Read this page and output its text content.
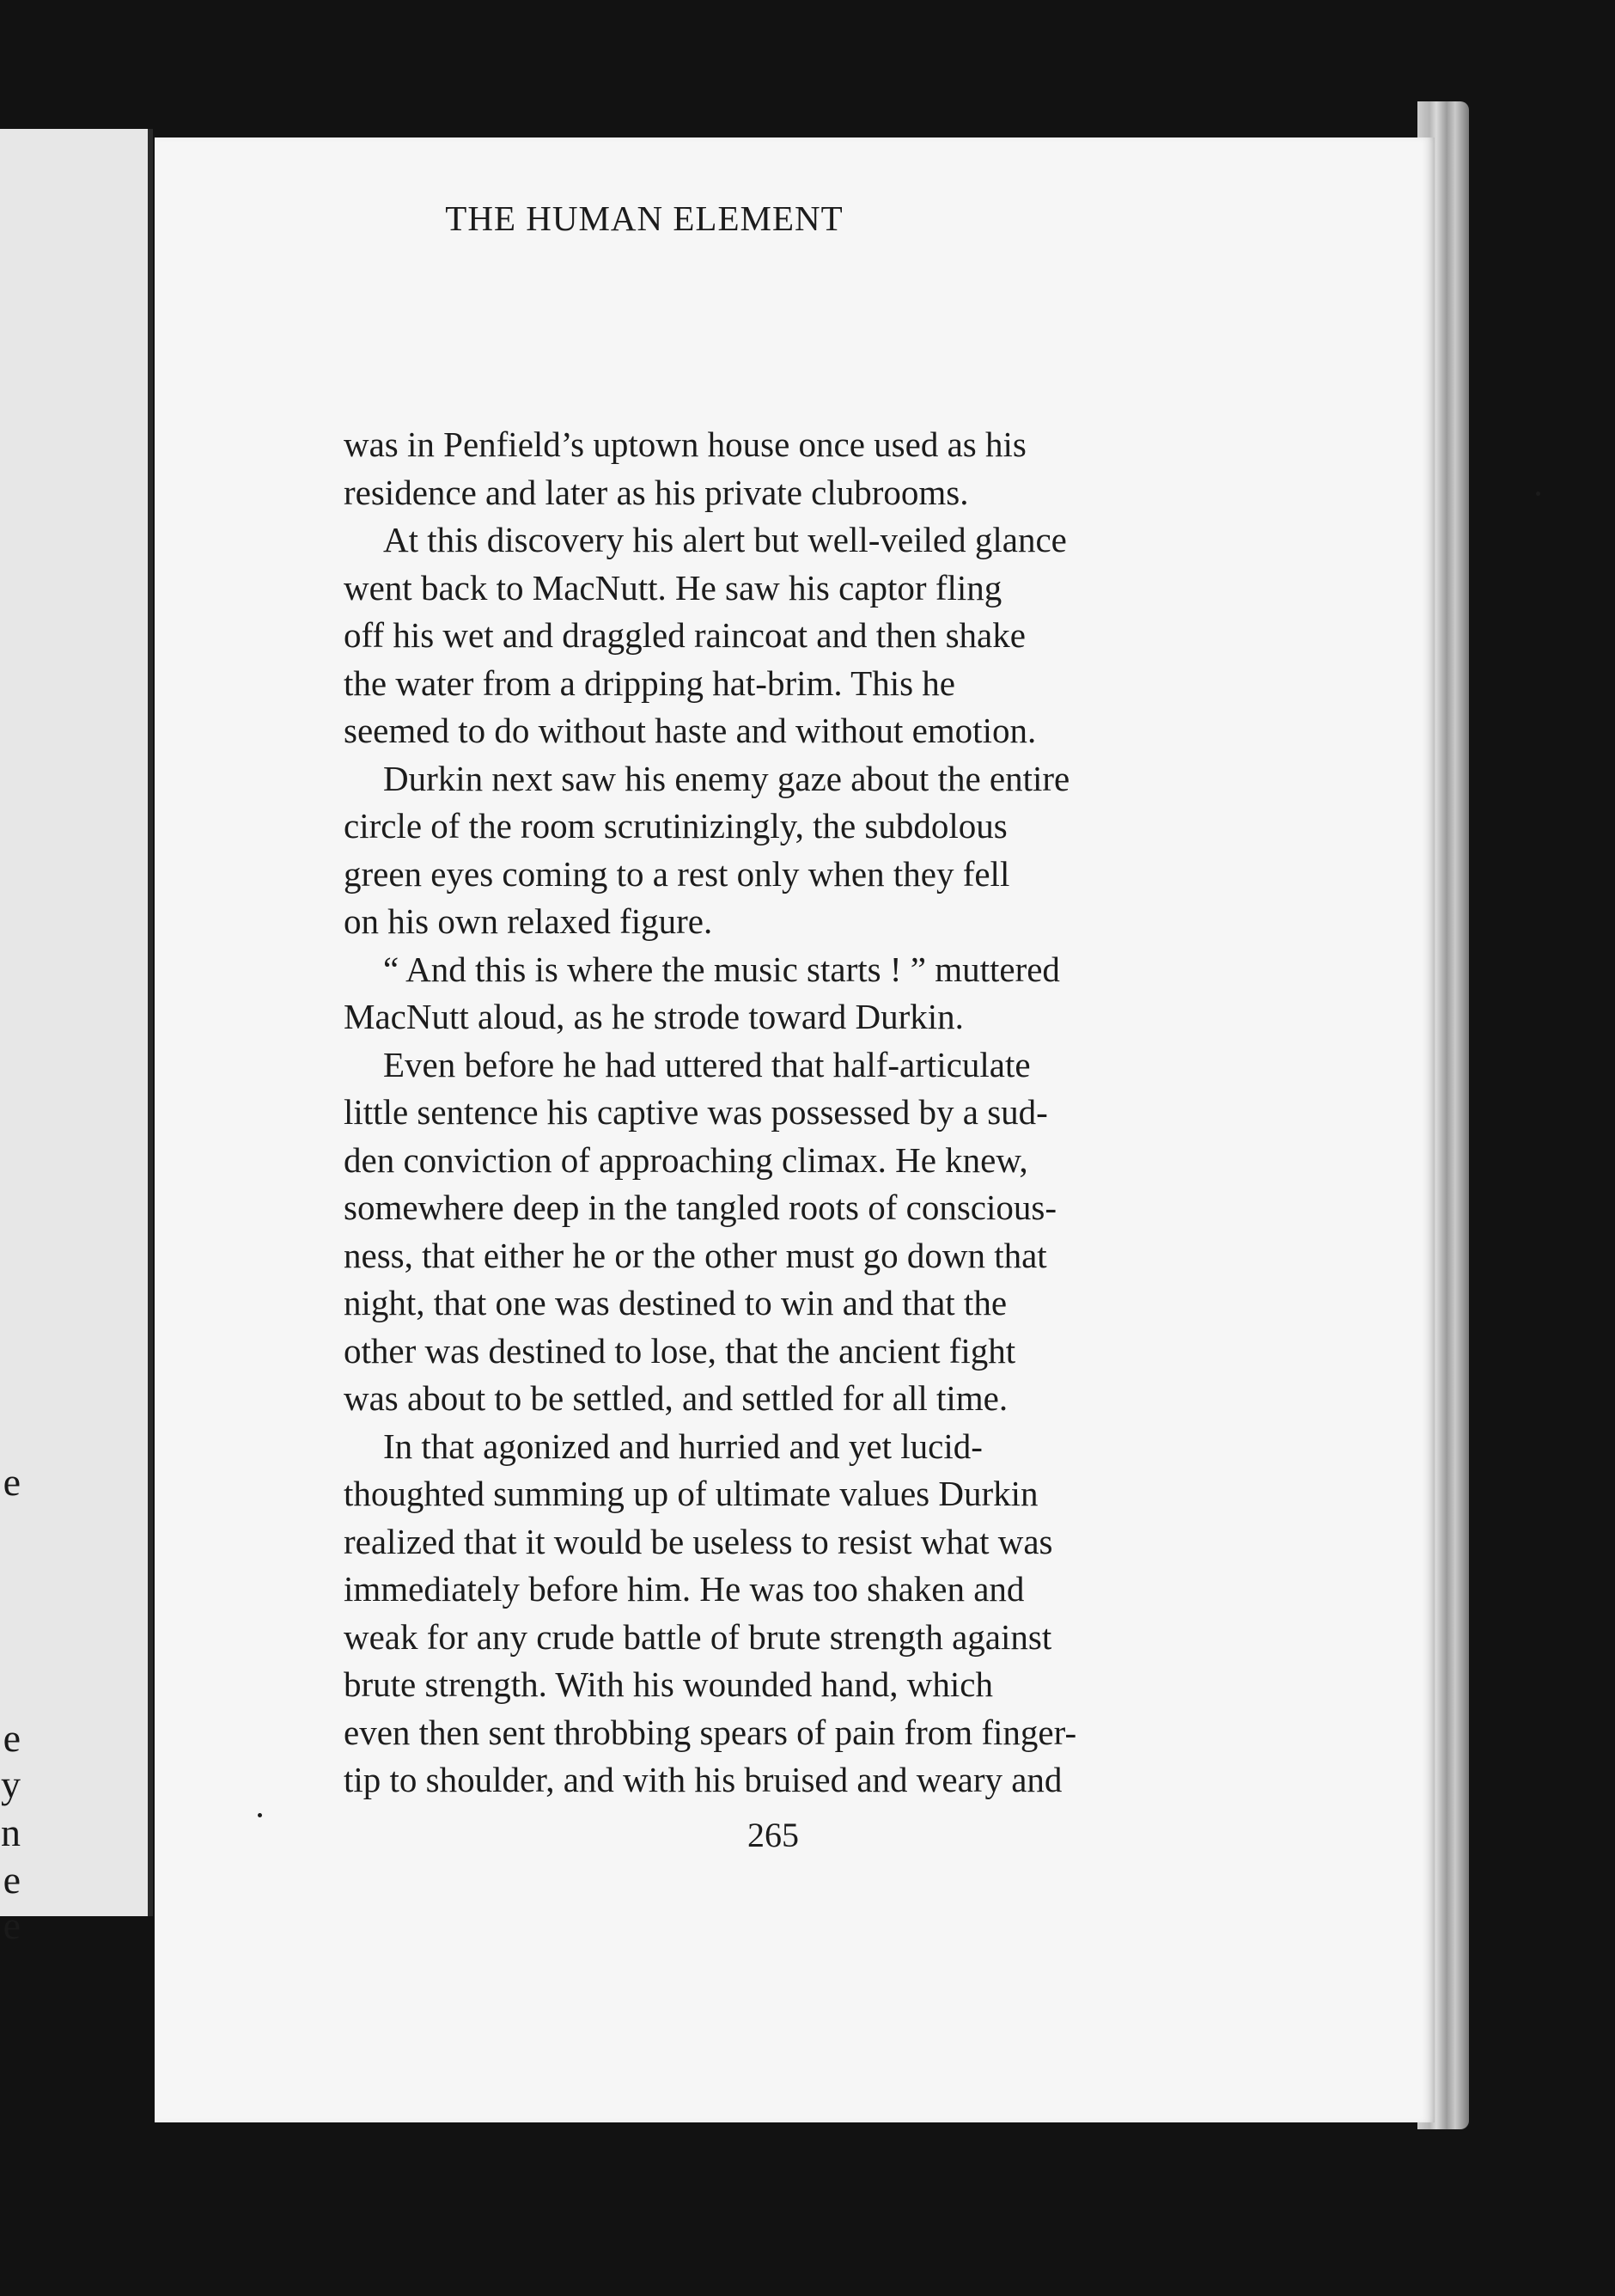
e
e
y
n
e
e
THE HUMAN ELEMENT
was in Penfield’s uptown house once used as his
residence and later as his private clubrooms.
At this discovery his alert but well-veiled glance
went back to MacNutt. He saw his captor fling
off his wet and draggled raincoat and then shake
the water from a dripping hat-brim. This he
seemed to do without haste and without emotion.
Durkin next saw his enemy gaze about the entire
circle of the room scrutinizingly, the subdolous
green eyes coming to a rest only when they fell
on his own relaxed figure.
“ And this is where the music starts ! ” muttered
MacNutt aloud, as he strode toward Durkin.
Even before he had uttered that half-articulate
little sentence his captive was possessed by a sud-
den conviction of approaching climax. He knew,
somewhere deep in the tangled roots of conscious-
ness, that either he or the other must go down that
night, that one was destined to win and that the
other was destined to lose, that the ancient fight
was about to be settled, and settled for all time.
In that agonized and hurried and yet lucid-
thoughted summing up of ultimate values Durkin
realized that it would be useless to resist what was
immediately before him. He was too shaken and
weak for any crude battle of brute strength against
brute strength. With his wounded hand, which
even then sent throbbing spears of pain from finger-
tip to shoulder, and with his bruised and weary and
265
